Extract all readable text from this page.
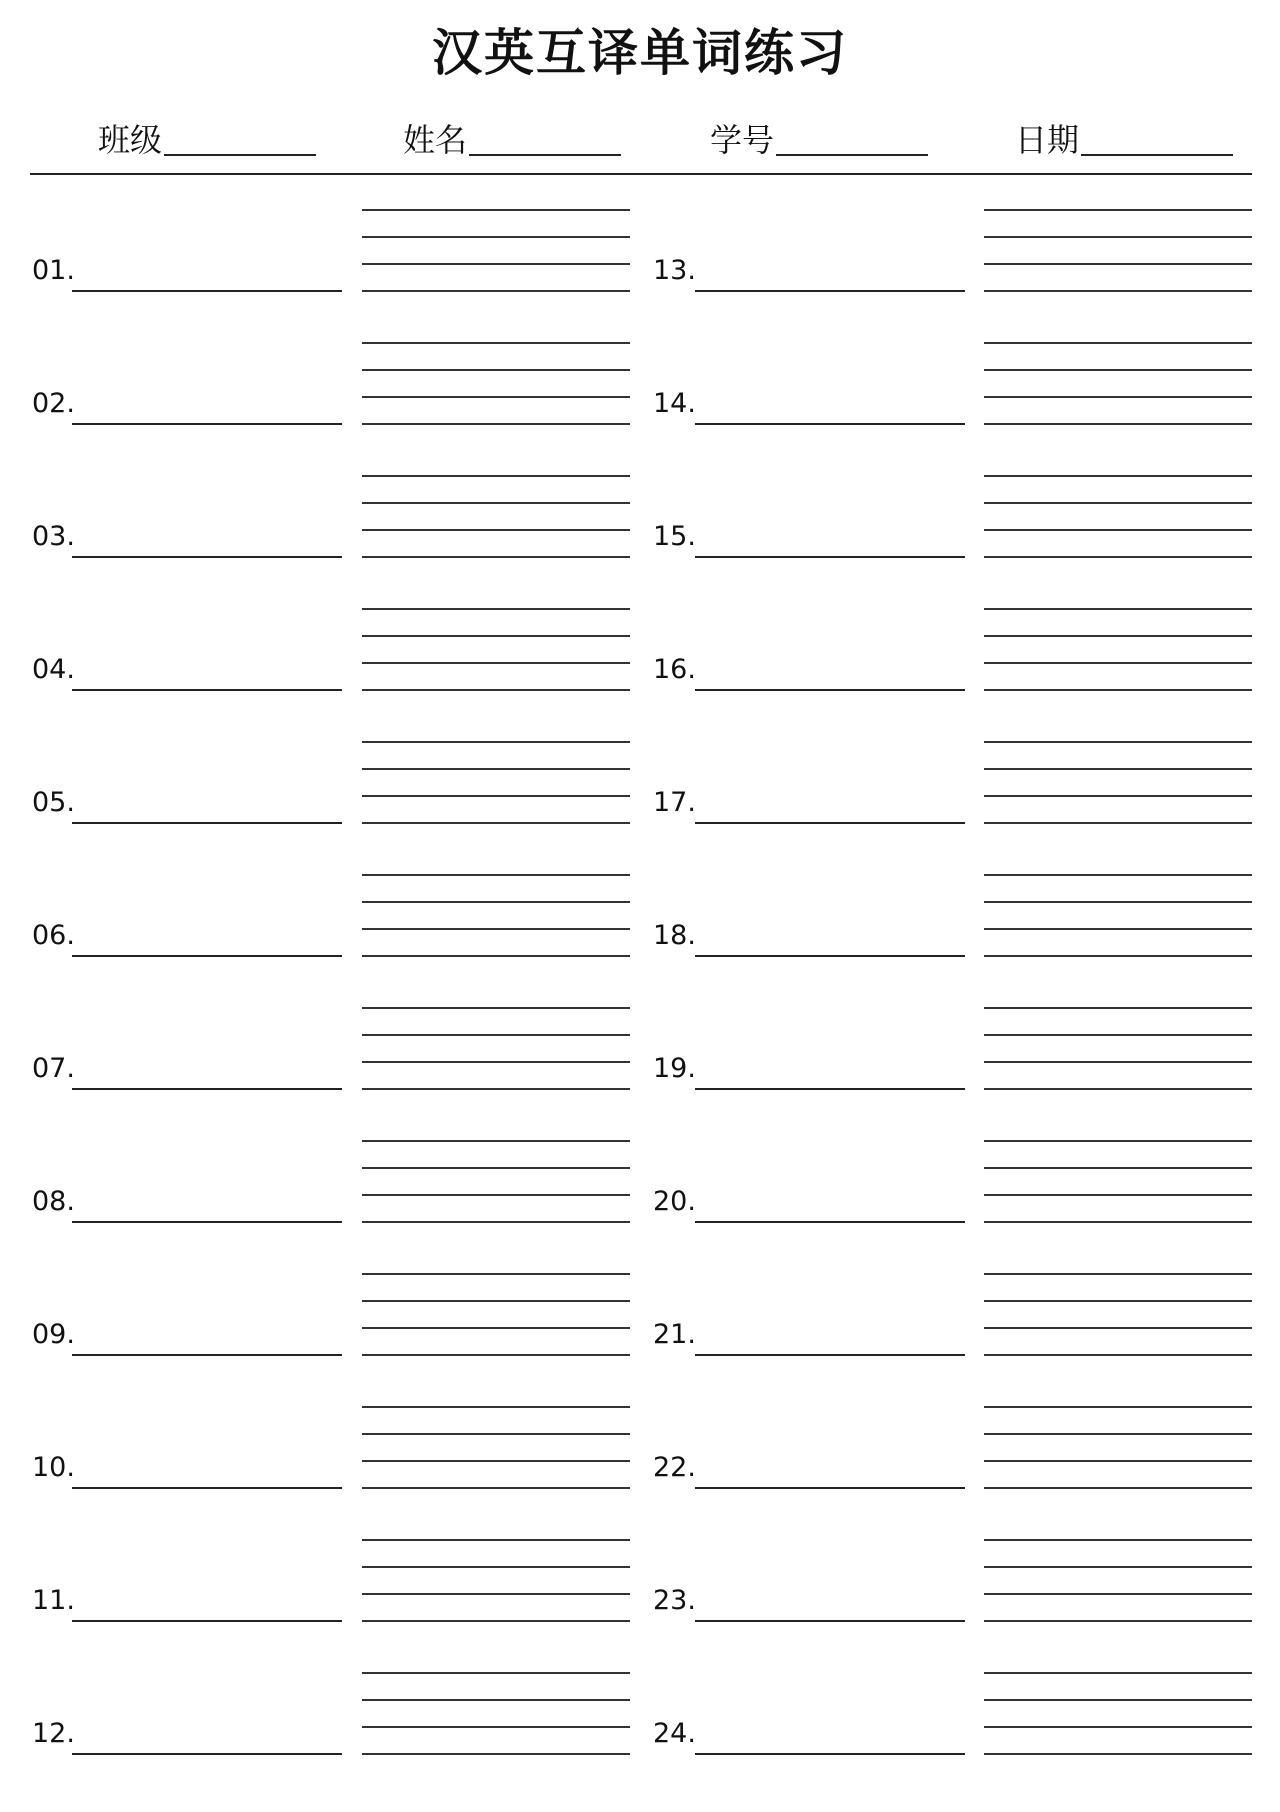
汉英互译单词练习
班级	姓名	学号	日期
01.
02.
03.
04.
05.
06.
07.
08.
09.
10.
11.
12.
13.
14.
15.
16.
17.
18.
19.
20.
21.
22.
23.
24.
